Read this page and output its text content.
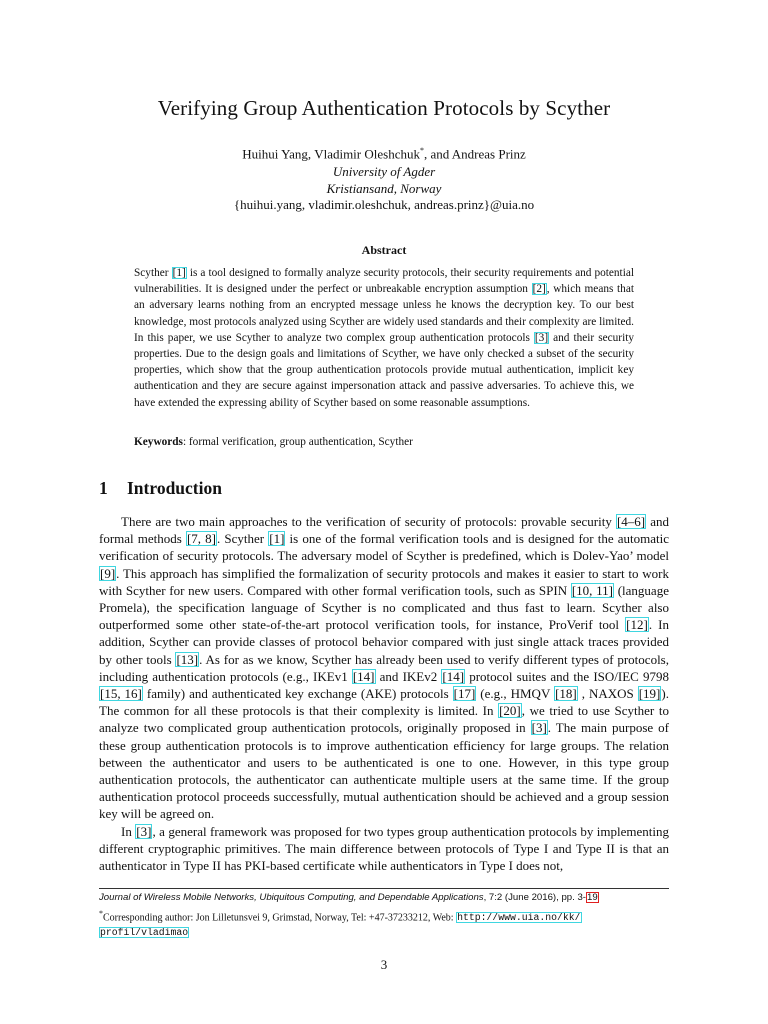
Verifying Group Authentication Protocols by Scyther
Huihui Yang, Vladimir Oleshchuk*, and Andreas Prinz
University of Agder
Kristiansand, Norway
{huihui.yang, vladimir.oleshchuk, andreas.prinz}@uia.no
Abstract
Scyther [1] is a tool designed to formally analyze security protocols, their security requirements and potential vulnerabilities. It is designed under the perfect or unbreakable encryption assumption [2], which means that an adversary learns nothing from an encrypted message unless he knows the decryption key. To our best knowledge, most protocols analyzed using Scyther are widely used standards and their complexity are limited. In this paper, we use Scyther to analyze two complex group authentication protocols [3] and their security properties. Due to the design goals and limitations of Scyther, we have only checked a subset of the security properties, which show that the group authentication protocols provide mutual authentication, implicit key authentication and they are secure against impersonation attack and passive adversaries. To achieve this, we have extended the expressing ability of Scyther based on some reasonable assumptions.
Keywords: formal verification, group authentication, Scyther
1 Introduction

There are two main approaches to the verification of security of protocols: provable security [4–6] and formal methods [7, 8]. Scyther [1] is one of the formal verification tools and is designed for the automatic verification of security protocols. The adversary model of Scyther is predefined, which is Dolev-Yao’ model [9]. This approach has simplified the formalization of security protocols and makes it easier to start to work with Scyther for new users. Compared with other formal verification tools, such as SPIN [10, 11] (language Promela), the specification language of Scyther is no complicated and thus fast to learn. Scyther also outperformed some other state-of-the-art protocol verification tools, for instance, ProVerif tool [12]. In addition, Scyther can provide classes of protocol behavior compared with just single attack traces provided by other tools [13]. As for as we know, Scyther has already been used to verify different types of protocols, including authentication protocols (e.g., IKEv1 [14] and IKEv2 [14] protocol suites and the ISO/IEC 9798 [15, 16] family) and authenticated key exchange (AKE) protocols [17] (e.g., HMQV [18] , NAXOS [19]). The common for all these protocols is that their complexity is limited. In [20], we tried to use Scyther to analyze two complicated group authentication protocols, originally proposed in [3]. The main purpose of these group authentication protocols is to improve authentication efficiency for large groups. The relation between the authenticator and users to be authenticated is one to one. However, in this type group authentication protocols, the authenticator can authenticate multiple users at the same time. If the group authentication protocol proceeds successfully, mutual authentication should be achieved and a group session key will be agreed on.

In [3], a general framework was proposed for two types group authentication protocols by implementing different cryptographic primitives. The main difference between protocols of Type I and Type II is that an authenticator in Type II has PKI-based certificate while authenticators in Type I does not,

Journal of Wireless Mobile Networks, Ubiquitous Computing, and Dependable Applications, 7:2 (June 2016), pp. 3-19
*Corresponding author: Jon Lilletunsvei 9, Grimstad, Norway, Tel: +47-37233212, Web: http://www.uia.no/kk/
profil/vladimao
3
